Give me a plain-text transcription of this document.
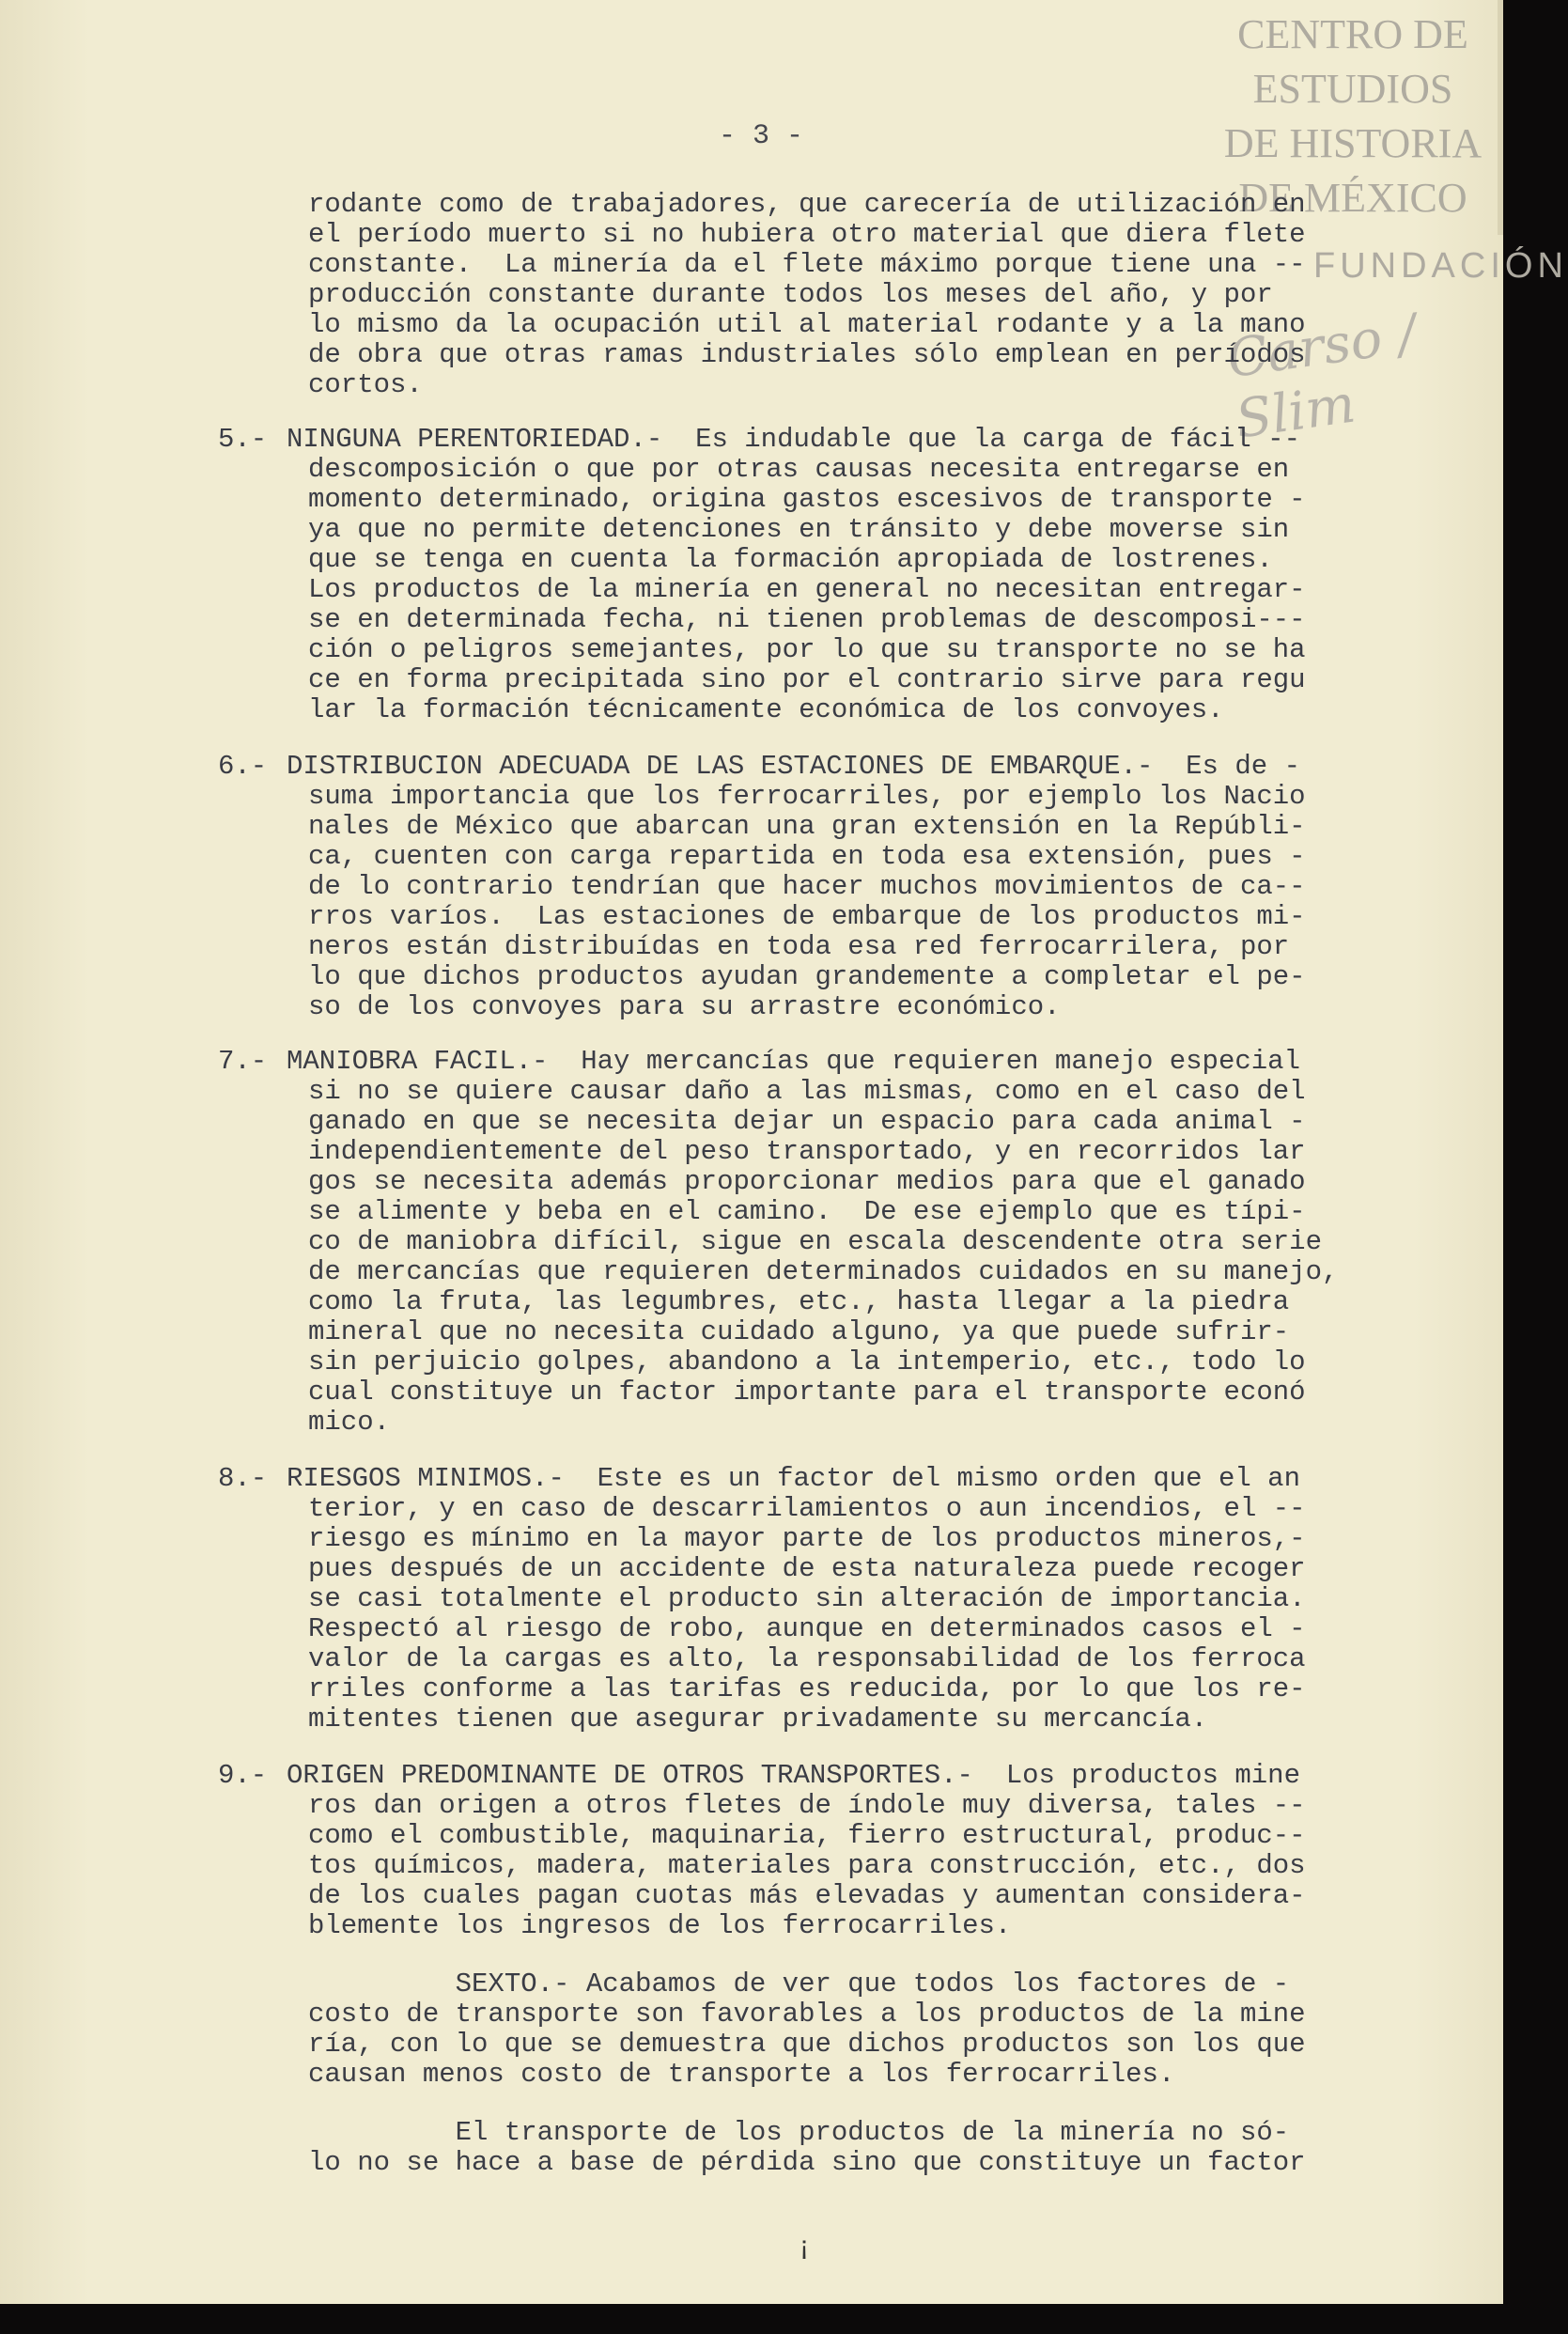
CENTRO DE
ESTUDIOS
DE HISTORIA
DE MÉXICO
FUNDACIÓN
Carso / Slim
- 3 -
rodante como de trabajadores, que carecería de utilización en
el período muerto si no hubiera otro material que diera flete
constante.  La minería da el flete máximo porque tiene una --
producción constante durante todos los meses del año, y por
lo mismo da la ocupación util al material rodante y a la mano
de obra que otras ramas industriales sólo emplean en períodos
cortos.
5.- NINGUNA PERENTORIEDAD.-  Es indudable que la carga de fácil --
descomposición o que por otras causas necesita entregarse en
momento determinado, origina gastos escesivos de transporte -
ya que no permite detenciones en tránsito y debe moverse sin
que se tenga en cuenta la formación apropiada de lostrenes.
Los productos de la minería en general no necesitan entregar-
se en determinada fecha, ni tienen problemas de descomposi---
ción o peligros semejantes, por lo que su transporte no se ha
ce en forma precipitada sino por el contrario sirve para regu
lar la formación técnicamente económica de los convoyes.
6.- DISTRIBUCION ADECUADA DE LAS ESTACIONES DE EMBARQUE.-  Es de -
suma importancia que los ferrocarriles, por ejemplo los Nacio
nales de México que abarcan una gran extensión en la Repúbli-
ca, cuenten con carga repartida en toda esa extensión, pues -
de lo contrario tendrían que hacer muchos movimientos de ca--
rros varíos.  Las estaciones de embarque de los productos mi-
neros están distribuídas en toda esa red ferrocarrilera, por
lo que dichos productos ayudan grandemente a completar el pe-
so de los convoyes para su arrastre económico.
7.- MANIOBRA FACIL.-  Hay mercancías que requieren manejo especial
si no se quiere causar daño a las mismas, como en el caso del
ganado en que se necesita dejar un espacio para cada animal -
independientemente del peso transportado, y en recorridos lar
gos se necesita además proporcionar medios para que el ganado
se alimente y beba en el camino.  De ese ejemplo que es típi-
co de maniobra difícil, sigue en escala descendente otra serie
de mercancías que requieren determinados cuidados en su manejo,
como la fruta, las legumbres, etc., hasta llegar a la piedra
mineral que no necesita cuidado alguno, ya que puede sufrir-
sin perjuicio golpes, abandono a la intemperio, etc., todo lo
cual constituye un factor importante para el transporte econó
mico.
8.- RIESGOS MINIMOS.-  Este es un factor del mismo orden que el an
terior, y en caso de descarrilamientos o aun incendios, el --
riesgo es mínimo en la mayor parte de los productos mineros,-
pues después de un accidente de esta naturaleza puede recoger
se casi totalmente el producto sin alteración de importancia.
Respectó al riesgo de robo, aunque en determinados casos el -
valor de la cargas es alto, la responsabilidad de los ferroca
rriles conforme a las tarifas es reducida, por lo que los re-
mitentes tienen que asegurar privadamente su mercancía.
9.- ORIGEN PREDOMINANTE DE OTROS TRANSPORTES.-  Los productos mine
ros dan origen a otros fletes de índole muy diversa, tales --
como el combustible, maquinaria, fierro estructural, produc--
tos químicos, madera, materiales para construcción, etc., dos
de los cuales pagan cuotas más elevadas y aumentan considera-
blemente los ingresos de los ferrocarriles.
SEXTO.- Acabamos de ver que todos los factores de -
costo de transporte son favorables a los productos de la mine
ría, con lo que se demuestra que dichos productos son los que
causan menos costo de transporte a los ferrocarriles.
El transporte de los productos de la minería no só-
lo no se hace a base de pérdida sino que constituye un factor
¡
